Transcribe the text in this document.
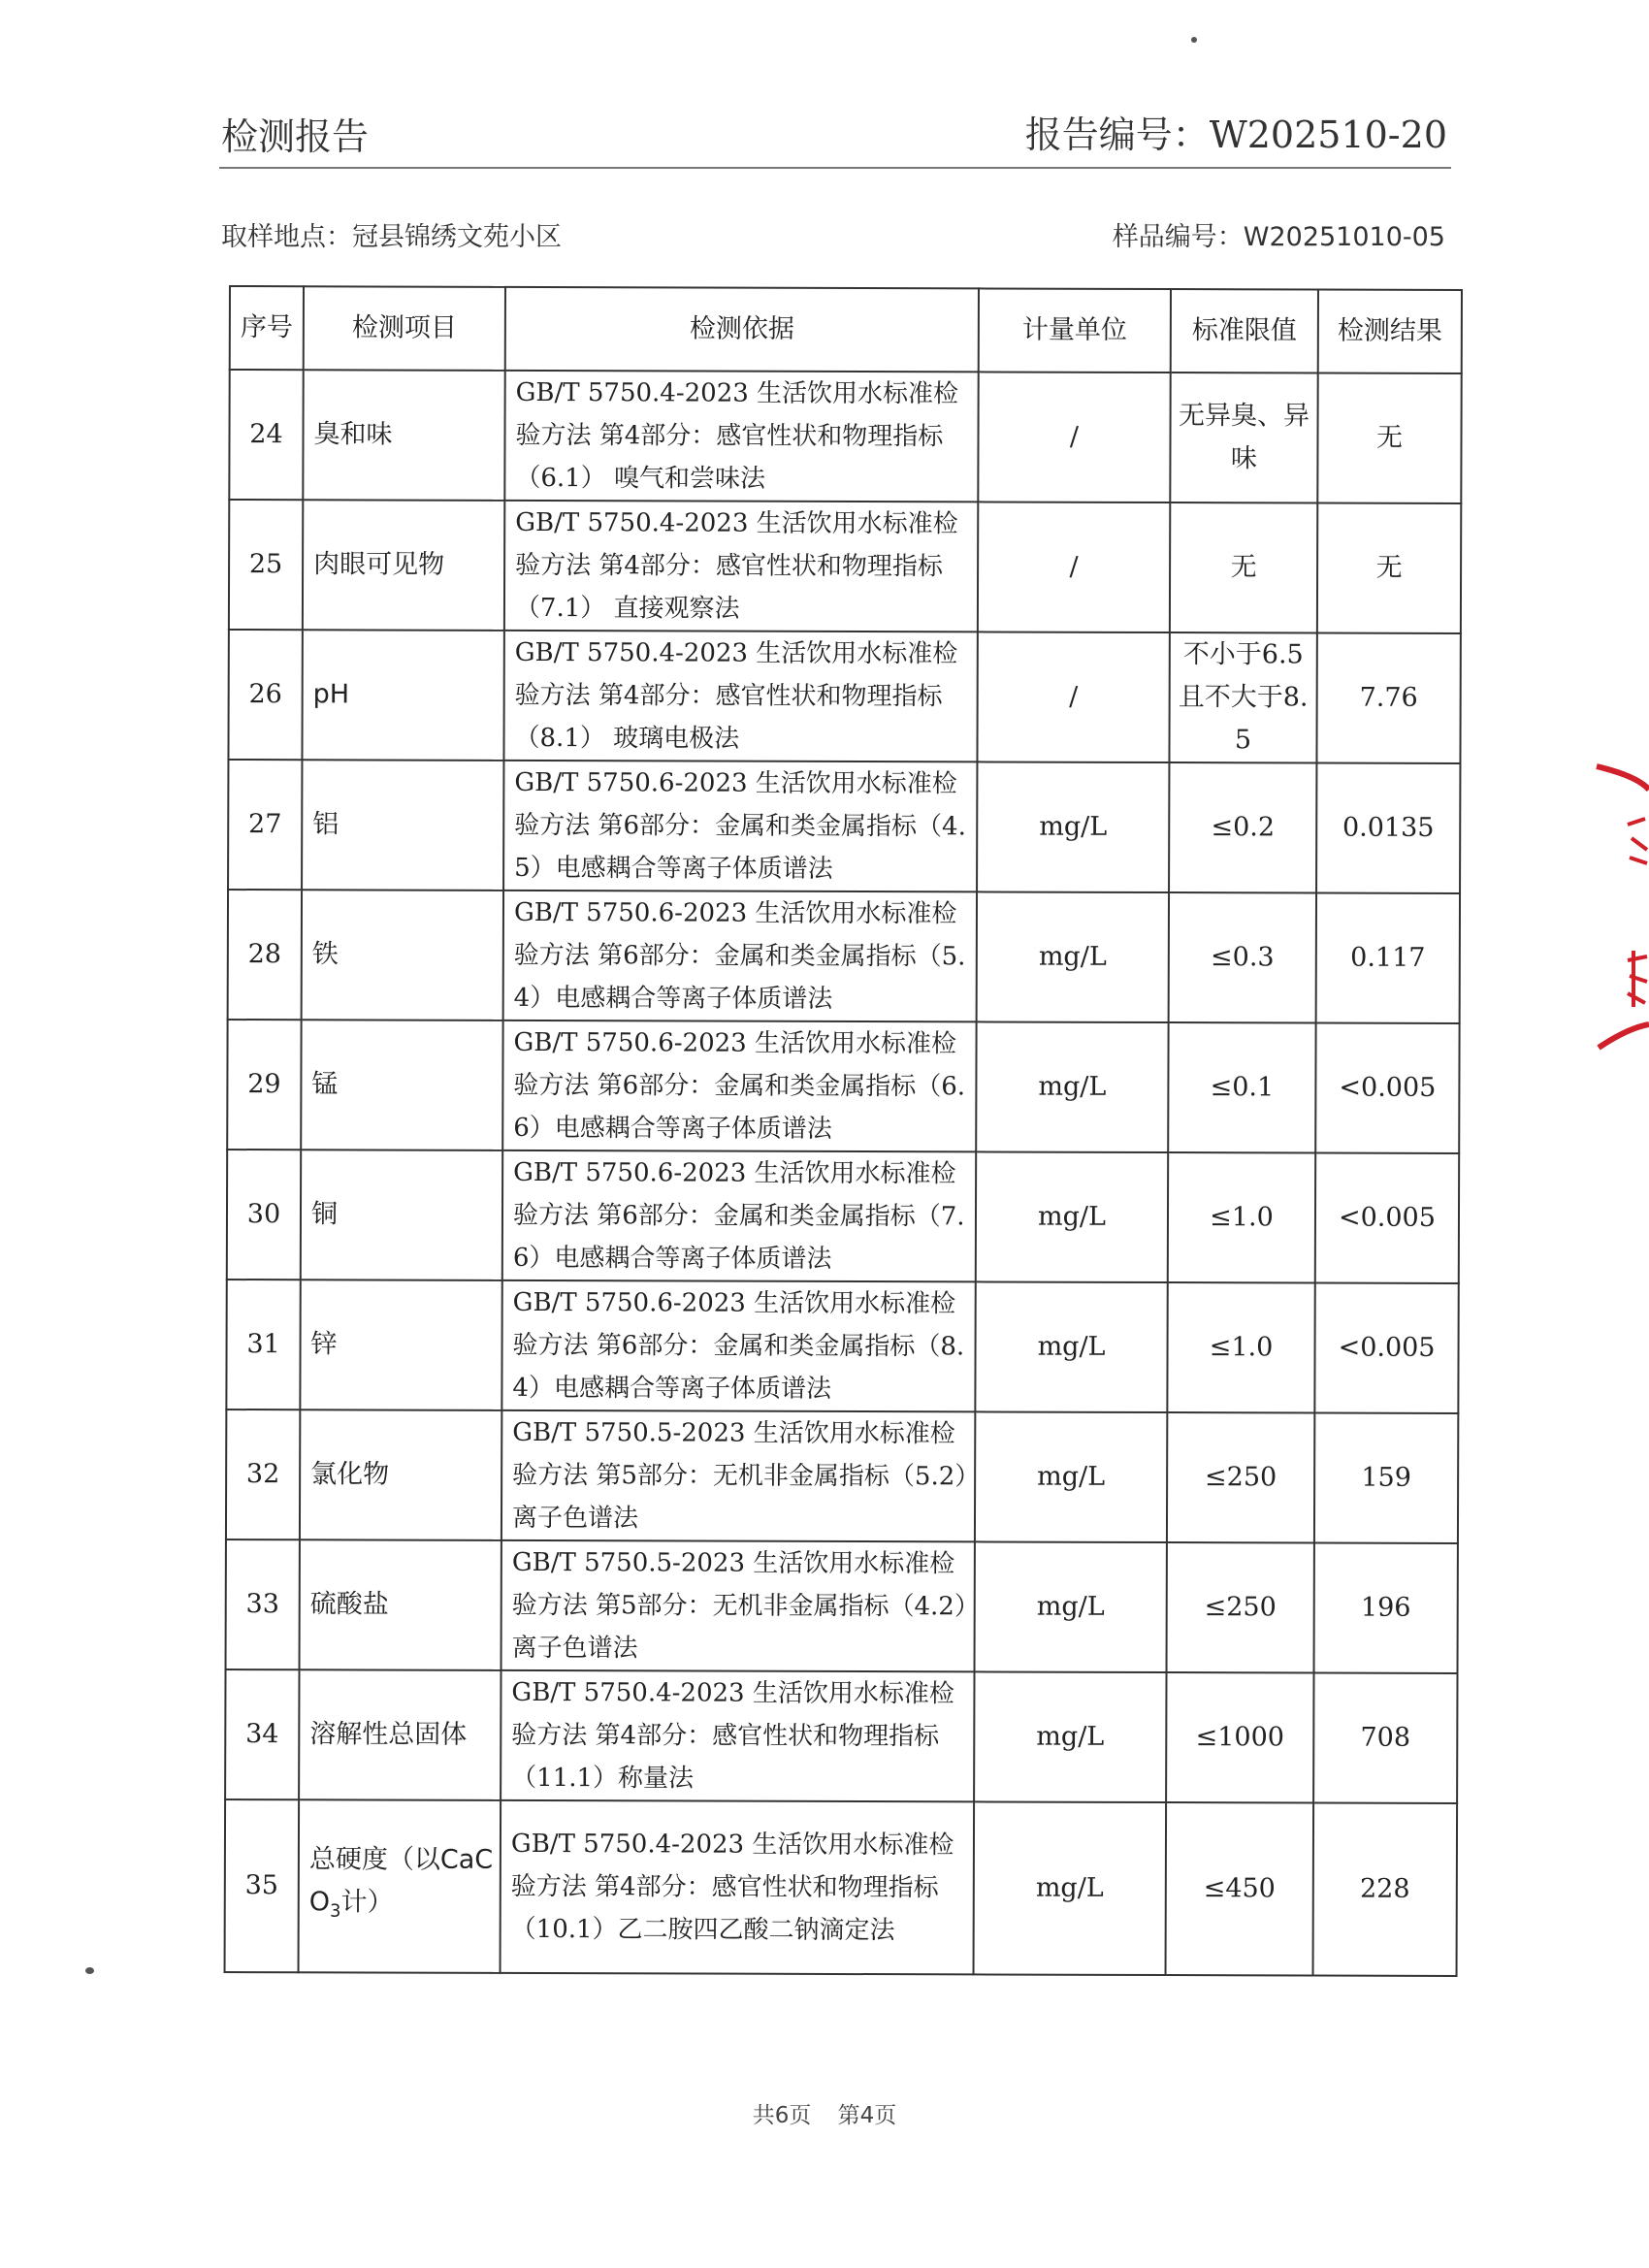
检测报告	报告编号：W202510-20
取样地点：冠县锦绣文苑小区	样品编号：W20251010-05
序号	检测项目	检测依据	计量单位	标准限值	检测结果
24	臭和味	GB/T 5750.4-2023 生活饮用水标准检验方法 第4部分：感官性状和物理指标（6.1） 嗅气和尝味法	/	无异臭、异味	无
25	肉眼可见物	GB/T 5750.4-2023 生活饮用水标准检验方法 第4部分：感官性状和物理指标（7.1） 直接观察法	/	无	无
26	pH	GB/T 5750.4-2023 生活饮用水标准检验方法 第4部分：感官性状和物理指标（8.1） 玻璃电极法	/	不小于6.5且不大于8.5	7.76
27	铝	GB/T 5750.6-2023 生活饮用水标准检验方法 第6部分：金属和类金属指标（4.5）电感耦合等离子体质谱法	mg/L	≤0.2	0.0135
28	铁	GB/T 5750.6-2023 生活饮用水标准检验方法 第6部分：金属和类金属指标（5.4）电感耦合等离子体质谱法	mg/L	≤0.3	0.117
29	锰	GB/T 5750.6-2023 生活饮用水标准检验方法 第6部分：金属和类金属指标（6.6）电感耦合等离子体质谱法	mg/L	≤0.1	<0.005
30	铜	GB/T 5750.6-2023 生活饮用水标准检验方法 第6部分：金属和类金属指标（7.6）电感耦合等离子体质谱法	mg/L	≤1.0	<0.005
31	锌	GB/T 5750.6-2023 生活饮用水标准检验方法 第6部分：金属和类金属指标（8.4）电感耦合等离子体质谱法	mg/L	≤1.0	<0.005
32	氯化物	GB/T 5750.5-2023 生活饮用水标准检验方法 第5部分：无机非金属指标（5.2）离子色谱法	mg/L	≤250	159
33	硫酸盐	GB/T 5750.5-2023 生活饮用水标准检验方法 第5部分：无机非金属指标（4.2）离子色谱法	mg/L	≤250	196
34	溶解性总固体	GB/T 5750.4-2023 生活饮用水标准检验方法 第4部分：感官性状和物理指标（11.1）称量法	mg/L	≤1000	708
35	总硬度（以CaCO$_3$计）	GB/T 5750.4-2023 生活饮用水标准检验方法 第4部分：感官性状和物理指标 （10.1）乙二胺四乙酸二钠滴定法	mg/L	≤450	228
共6页 第4页
